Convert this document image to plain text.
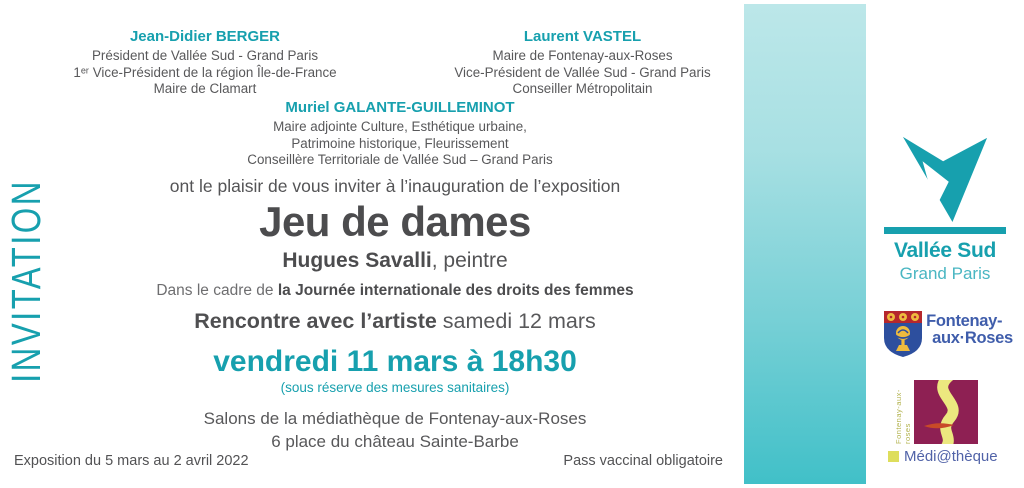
INVITATION
Jean-Didier BERGER
Président de Vallée Sud - Grand Paris
1ᵉʳ Vice-Président de la région Île-de-France
Maire de Clamart
Laurent VASTEL
Maire de Fontenay-aux-Roses
Vice-Président de Vallée Sud - Grand Paris
Conseiller Métropolitain
Muriel GALANTE-GUILLEMINOT
Maire adjointe Culture, Esthétique urbaine,
Patrimoine historique, Fleurissement
Conseillère Territoriale de Vallée Sud – Grand Paris
ont le plaisir de vous inviter à l’inauguration de l’exposition
Jeu de dames
Hugues Savalli, peintre
Dans le cadre de la Journée internationale des droits des femmes
Rencontre avec l’artiste samedi 12 mars
vendredi 11 mars à 18h30
(sous réserve des mesures sanitaires)
Salons de la médiathèque de Fontenay-aux-Roses
6 place du château Sainte-Barbe
Exposition du 5 mars au 2 avril 2022	Pass vaccinal obligatoire
Vallée Sud
Grand Paris
Fontenay-
aux·Roses
Fontenay-aux-roses
Médi@thèque
